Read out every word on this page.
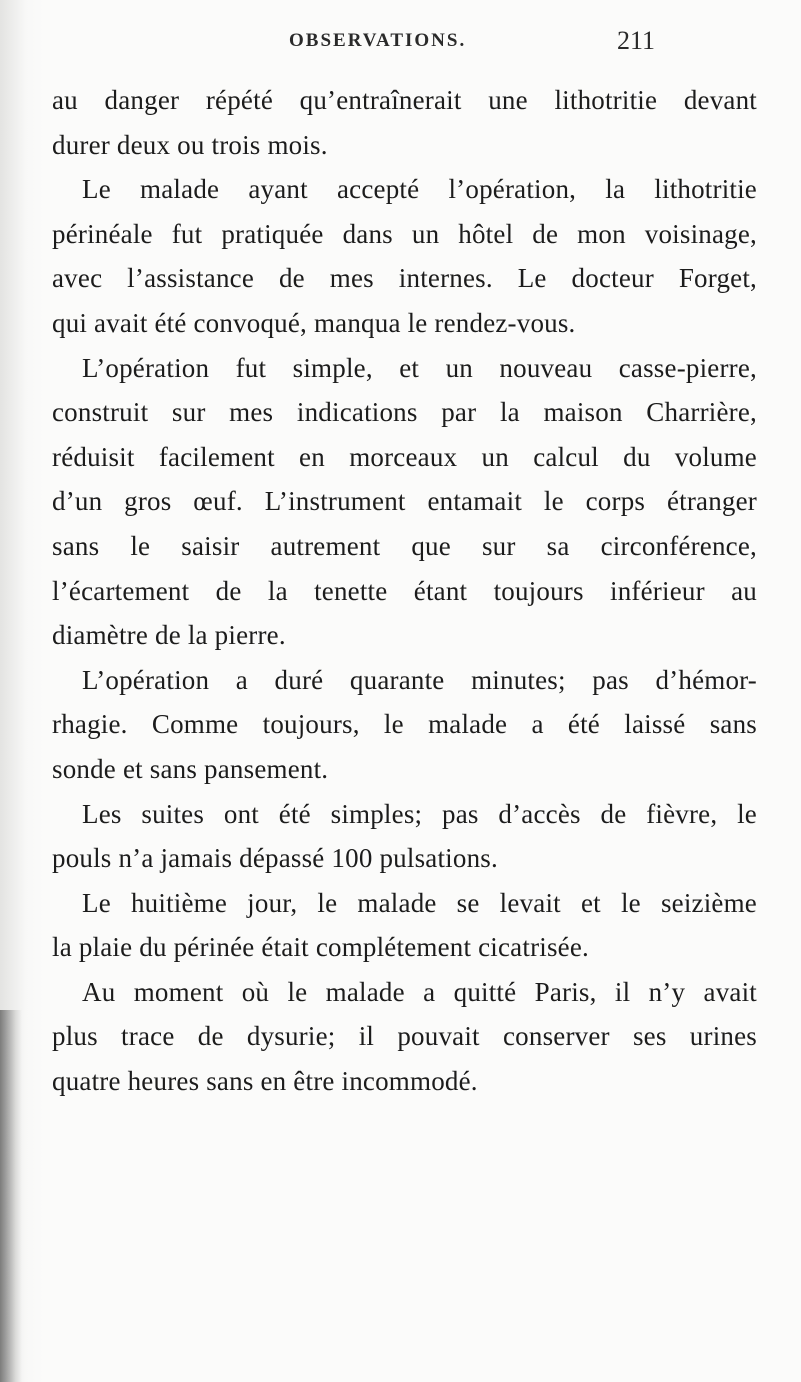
OBSERVATIONS.	211
au danger répété qu’entraînerait une lithotritie devant
durer deux ou trois mois.
Le malade ayant accepté l’opération, la lithotritie
périnéale fut pratiquée dans un hôtel de mon voisinage,
avec l’assistance de mes internes. Le docteur Forget,
qui avait été convoqué, manqua le rendez-vous.
L’opération fut simple, et un nouveau casse-pierre,
construit sur mes indications par la maison Charrière,
réduisit facilement en morceaux un calcul du volume
d’un gros œuf. L’instrument entamait le corps étranger
sans le saisir autrement que sur sa circonférence,
l’écartement de la tenette étant toujours inférieur au
diamètre de la pierre.
L’opération a duré quarante minutes; pas d’hémor-
rhagie. Comme toujours, le malade a été laissé sans
sonde et sans pansement.
Les suites ont été simples; pas d’accès de fièvre, le
pouls n’a jamais dépassé 100 pulsations.
Le huitième jour, le malade se levait et le seizième
la plaie du périnée était complétement cicatrisée.
Au moment où le malade a quitté Paris, il n’y avait
plus trace de dysurie; il pouvait conserver ses urines
quatre heures sans en être incommodé.
